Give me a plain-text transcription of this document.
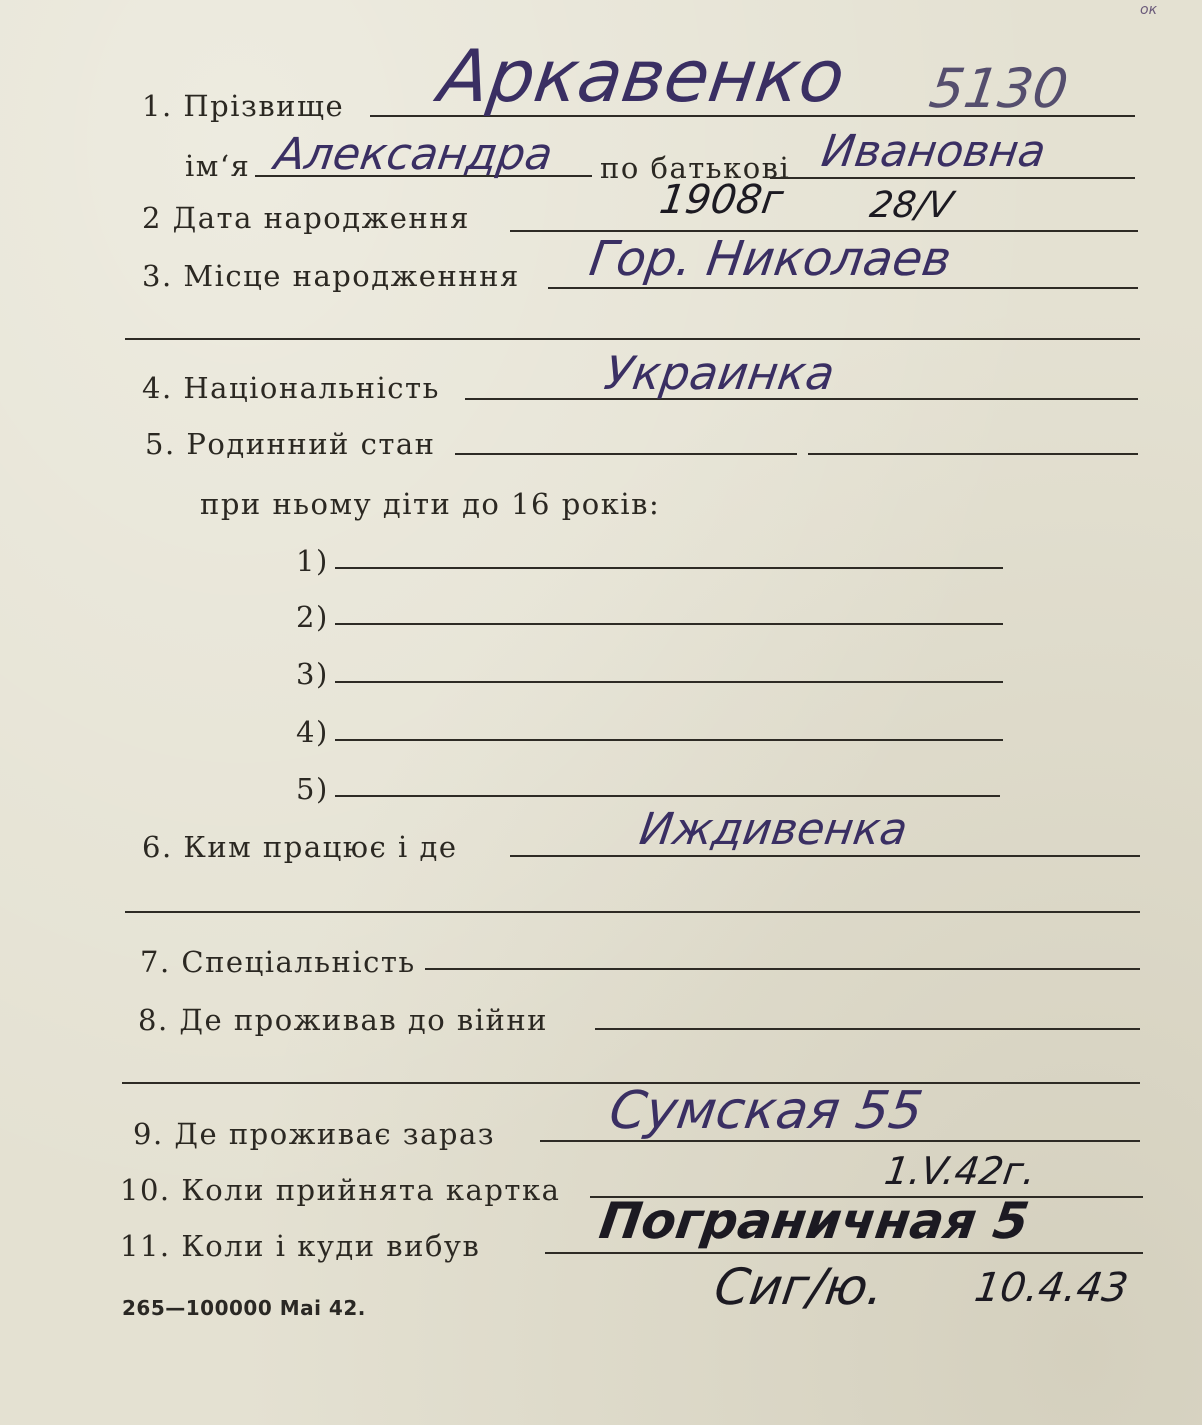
ок
1. Прізвище Аркавенко 5130
ім‘я Александра по батькові Ивановна
2 Дата народження	1908г 28/V
3. Місце народженння Гор. Николаев
4. Національність	Украинка
5. Родинний стан
при ньому діти до 16 років:
1)
2)
3)
4)
5)
6. Ким працює і де	Иждивенка
7. Спеціальність
8. Де проживав до війни
9. Де проживає зараз Сумская 55
10. Коли прийнята картка	1.V.42г.
11. Коли і куди вибув Пограничная 5
Сиг/ю. 10.4.43
265—100000 Mai 42.
